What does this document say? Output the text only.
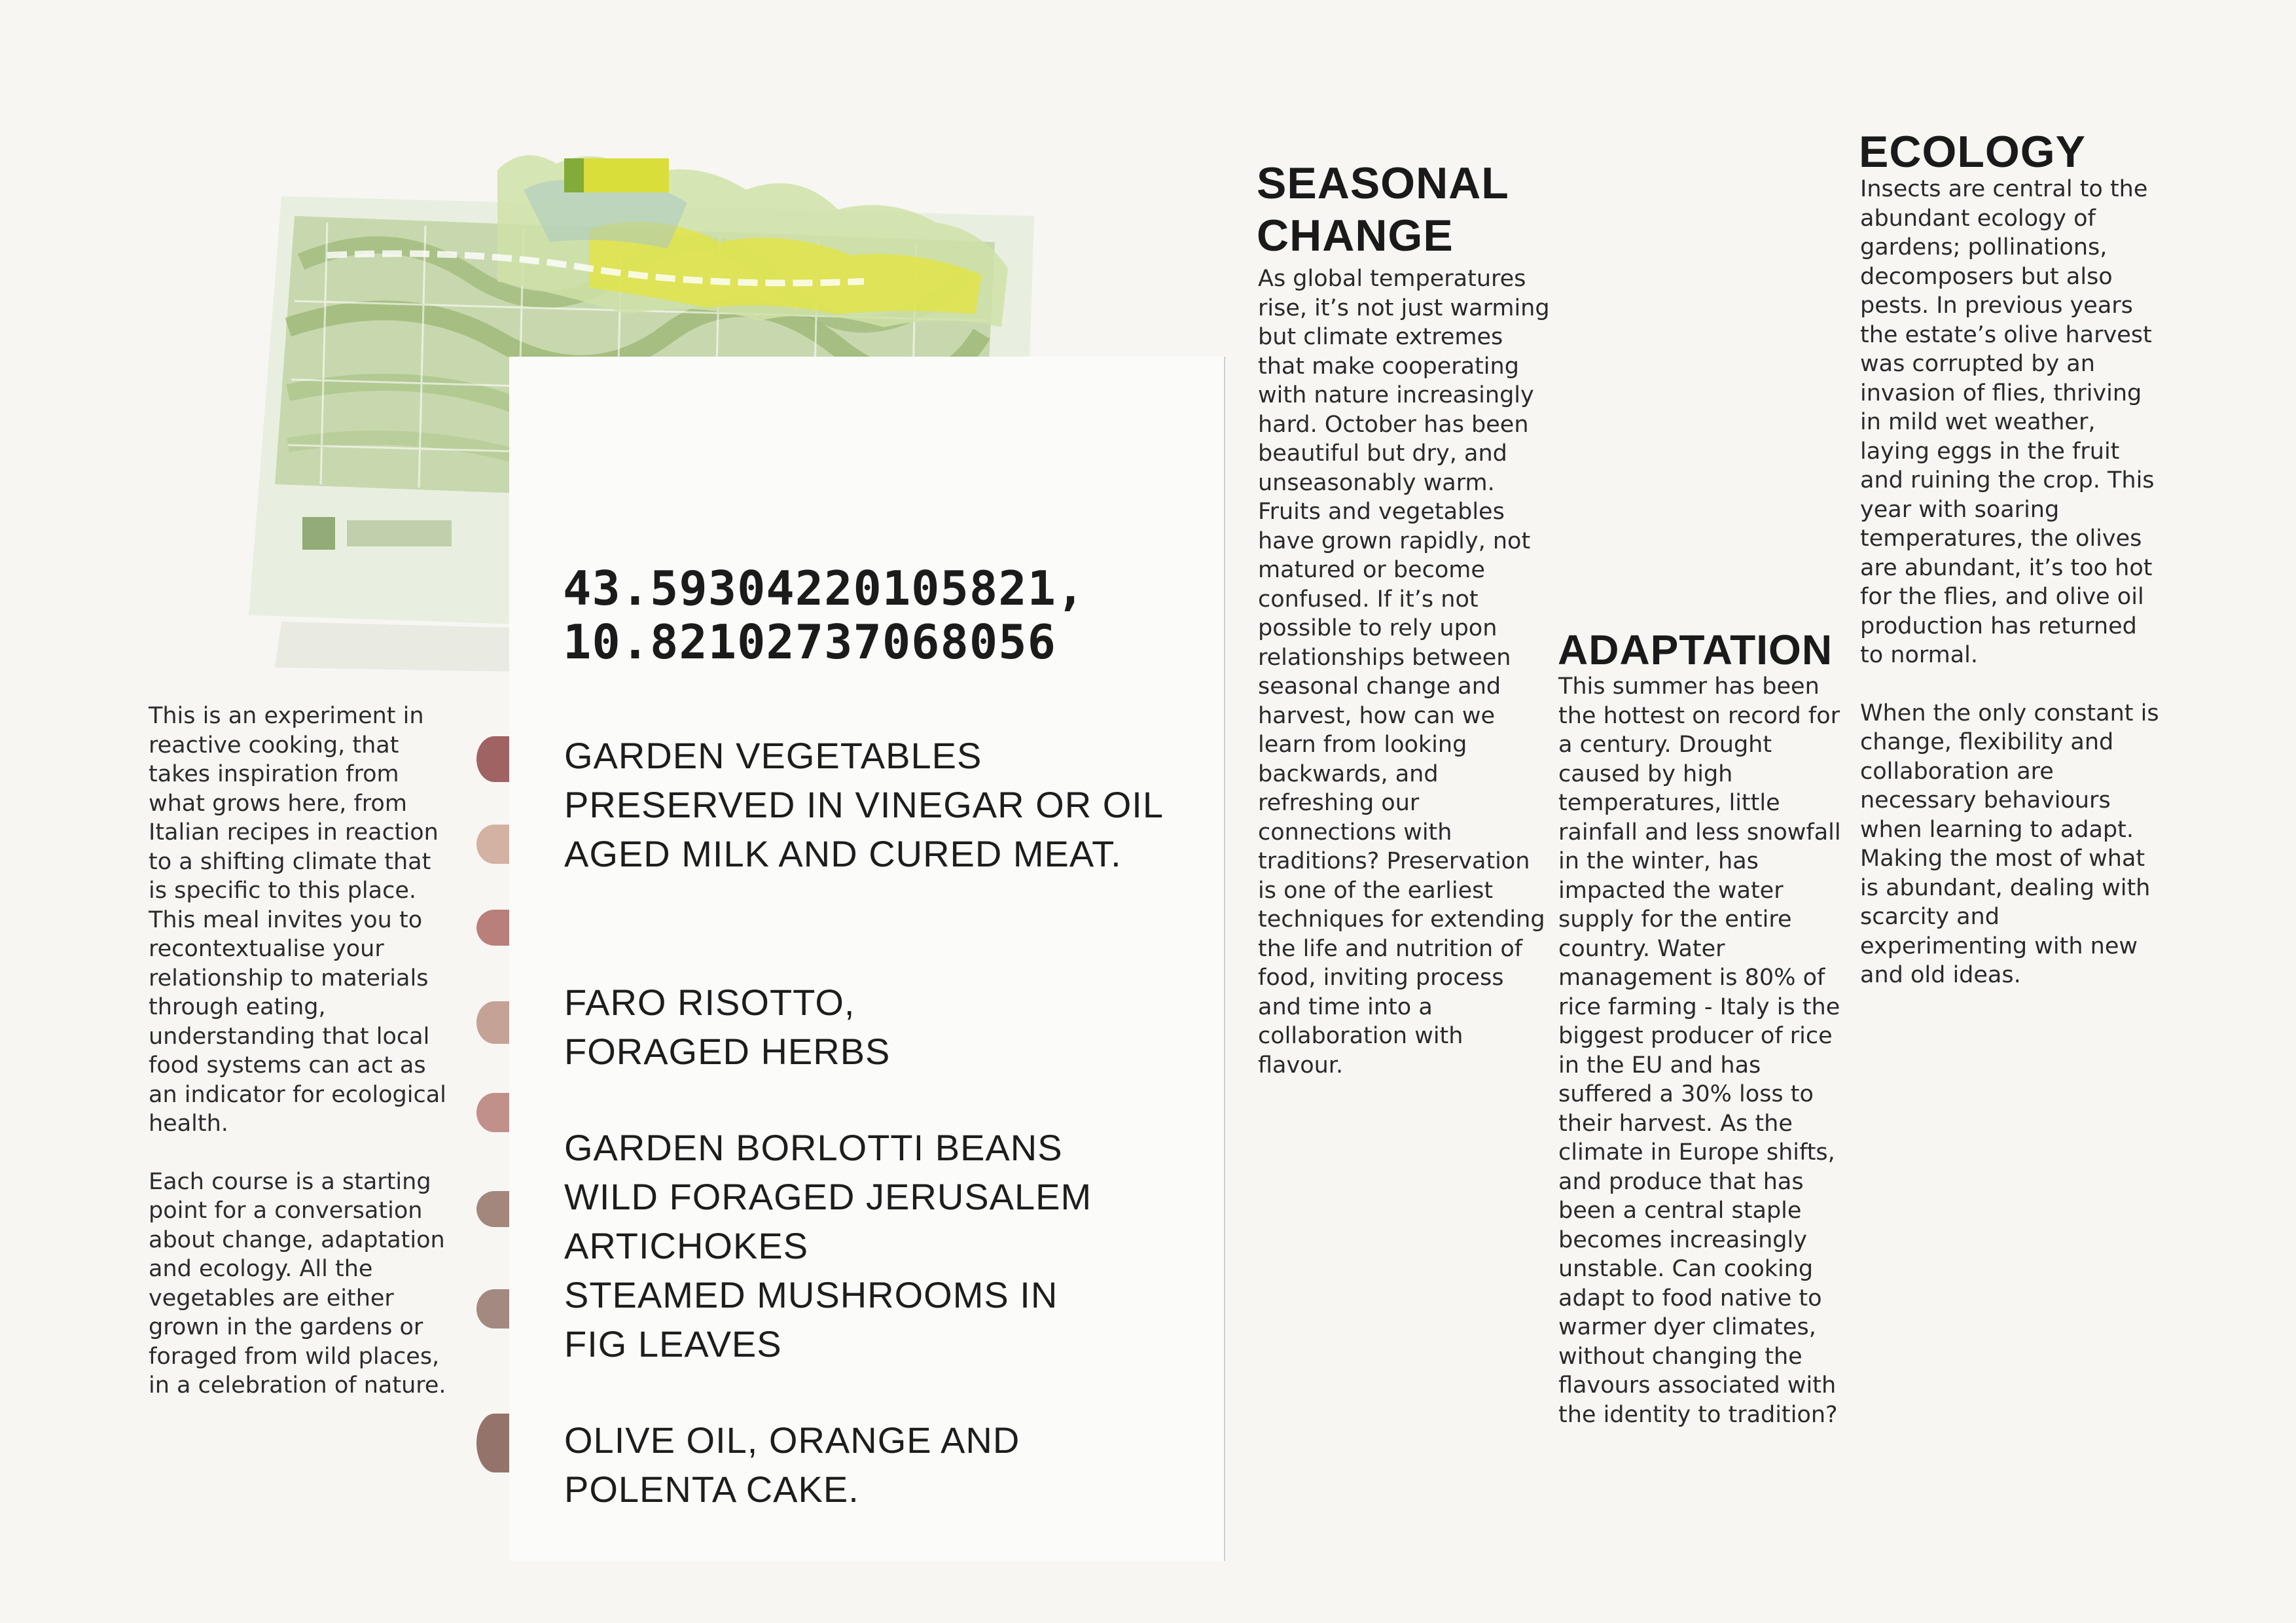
This is an experiment in reactive cooking, that takes inspiration from what grows here, from Italian recipes in reaction to a shifting climate that is specific to this place. This meal invites you to recontextualise your relationship to materials through eating, understanding that local food systems can act as an indicator for ecological health.

Each course is a starting point for a conversation about change, adaptation and ecology. All the vegetables are either grown in the gardens or foraged from wild places, in a celebration of nature.

43.59304220105821,
10.82102737068056
GARDEN VEGETABLES
PRESERVED IN VINEGAR OR OIL
AGED MILK AND CURED MEAT.
FARO RISOTTO,
FORAGED HERBS
GARDEN BORLOTTI BEANS
WILD FORAGED JERUSALEM
ARTICHOKES
STEAMED MUSHROOMS IN
FIG LEAVES
OLIVE OIL, ORANGE AND
POLENTA CAKE.
SEASONAL
CHANGE

As global temperatures rise, it’s not just warming but climate extremes that make cooperating with nature increasingly hard. October has been beautiful but dry, and unseasonably warm. Fruits and vegetables have grown rapidly, not matured or become confused. If it’s not possible to rely upon relationships between seasonal change and harvest, how can we learn from looking backwards, and refreshing our connections with traditions? Preservation is one of the earliest techniques for extending the life and nutrition of food, inviting process and time into a collaboration with flavour.

ADAPTATION

This summer has been the hottest on record for a century. Drought caused by high temperatures, little rainfall and less snowfall in the winter, has impacted the water supply for the entire country. Water management is 80% of rice farming - Italy is the biggest producer of rice in the EU and has suffered a 30% loss to their harvest. As the climate in Europe shifts, and produce that has been a central staple becomes increasingly unstable. Can cooking adapt to food native to warmer dyer climates, without changing the flavours associated with the identity to tradition?

ECOLOGY

Insects are central to the abundant ecology of gardens; pollinations, decomposers but also pests. In previous years the estate’s olive harvest was corrupted by an invasion of flies, thriving in mild wet weather, laying eggs in the fruit and ruining the crop. This year with soaring temperatures, the olives are abundant, it’s too hot for the flies, and olive oil production has returned to normal.

When the only constant is change, flexibility and collaboration are necessary behaviours when learning to adapt. Making the most of what is abundant, dealing with scarcity and experimenting with new and old ideas.
